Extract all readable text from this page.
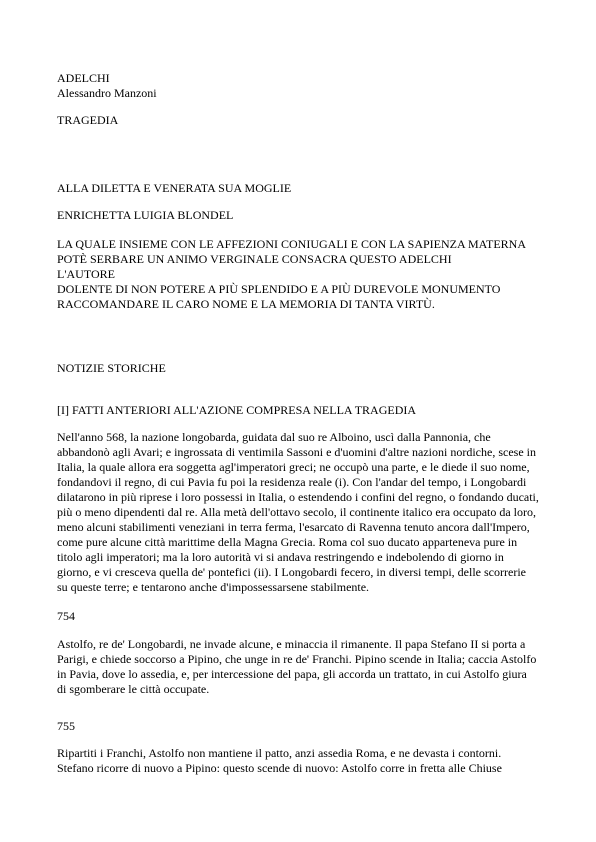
ADELCHI
Alessandro Manzoni
TRAGEDIA
ALLA DILETTA E VENERATA SUA MOGLIE
ENRICHETTA LUIGIA BLONDEL
LA QUALE INSIEME CON LE AFFEZIONI CONIUGALI E CON LA SAPIENZA MATERNA
POTÈ SERBARE UN ANIMO VERGINALE CONSACRA QUESTO ADELCHI
L'AUTORE
DOLENTE DI NON POTERE A PIÙ SPLENDIDO E A PIÙ DUREVOLE MONUMENTO
RACCOMANDARE IL CARO NOME E LA MEMORIA DI TANTA VIRTÙ.
NOTIZIE STORICHE
[I] FATTI ANTERIORI ALL'AZIONE COMPRESA NELLA TRAGEDIA
Nell'anno 568, la nazione longobarda, guidata dal suo re Alboino, uscì dalla Pannonia, che
abbandonò agli Avari; e ingrossata di ventimila Sassoni e d'uomini d'altre nazioni nordiche, scese in
Italia, la quale allora era soggetta agl'imperatori greci; ne occupò una parte, e le diede il suo nome,
fondandovi il regno, di cui Pavia fu poi la residenza reale (i). Con l'andar del tempo, i Longobardi
dilatarono in più riprese i loro possessi in Italia, o estendendo i confini del regno, o fondando ducati,
più o meno dipendenti dal re. Alla metà dell'ottavo secolo, il continente italico era occupato da loro,
meno alcuni stabilimenti veneziani in terra ferma, l'esarcato di Ravenna tenuto ancora dall'Impero,
come pure alcune città marittime della Magna Grecia. Roma col suo ducato apparteneva pure in
titolo agli imperatori; ma la loro autorità vi si andava restringendo e indebolendo di giorno in
giorno, e vi cresceva quella de' pontefici (ii). I Longobardi fecero, in diversi tempi, delle scorrerie
su queste terre; e tentarono anche d'impossessarsene stabilmente.
754
Astolfo, re de' Longobardi, ne invade alcune, e minaccia il rimanente. Il papa Stefano II si porta a
Parigi, e chiede soccorso a Pipino, che unge in re de' Franchi. Pipino scende in Italia; caccia Astolfo
in Pavia, dove lo assedia, e, per intercessione del papa, gli accorda un trattato, in cui Astolfo giura
di sgomberare le città occupate.
755
Ripartiti i Franchi, Astolfo non mantiene il patto, anzi assedia Roma, e ne devasta i contorni.
Stefano ricorre di nuovo a Pipino: questo scende di nuovo: Astolfo corre in fretta alle Chiuse
